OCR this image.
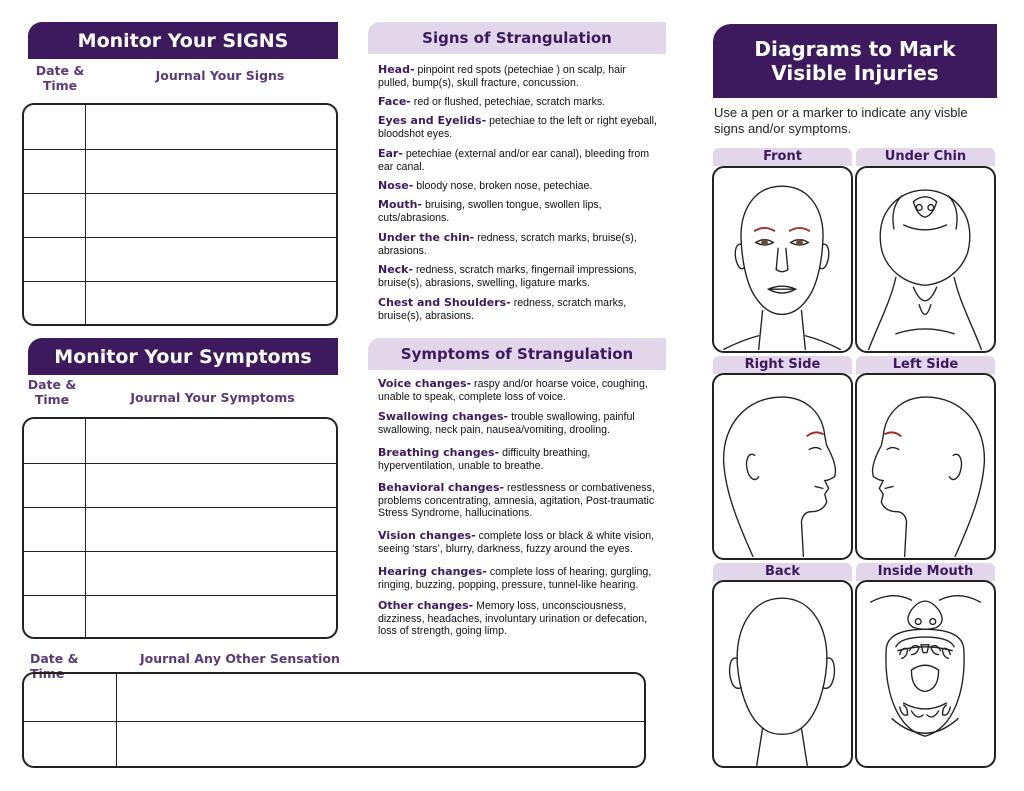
Monitor Your SIGNS
Date &
Time
Journal Your Signs
Monitor Your Symptoms
Date &
Time	Journal Your Symptoms
Date & Time
Journal Any Other Sensation
Signs of Strangulation
Head- pinpoint red spots (petechiae ) on scalp, hair pulled, bump(s), skull fracture, concussion.
Face- red or flushed, petechiae, scratch marks.
Eyes and Eyelids- petechiae to the left or right eyeball, bloodshot eyes.
Ear- petechiae (external and/or ear canal), bleeding from ear canal.
Nose- bloody nose, broken nose, petechiae.
Mouth- bruising, swollen tongue, swollen lips, cuts/abrasions.
Under the chin- redness, scratch marks, bruise(s), abrasions.
Neck- redness, scratch marks, fingernail impressions, bruise(s), abrasions, swelling, ligature marks.
Chest and Shoulders- redness, scratch marks, bruise(s), abrasions.
Symptoms of Strangulation
Voice changes- raspy and/or hoarse voice, coughing, unable to speak, complete loss of voice.
Swallowing changes- trouble swallowing, painful swallowing, neck pain, nausea/vomiting, drooling.
Breathing changes- difficulty breathing, hyperventilation, unable to breathe.
Behavioral changes- restlessness or combativeness, problems concentrating, amnesia, agitation, Post-traumatic Stress Syndrome, hallucinations.
Vision changes- complete loss or black & white vision, seeing ‘stars’, blurry, darkness, fuzzy around the eyes.
Hearing changes- complete loss of hearing, gurgling, ringing, buzzing, popping, pressure, tunnel-like hearing.
Other changes- Memory loss, unconsciousness, dizziness, headaches, involuntary urination or defecation, loss of strength, going limp.
Diagrams to Mark
Visible Injuries
Use a pen or a marker to indicate any visble signs and/or symptoms.
Front	Under Chin
Right Side	Left Side
Back	Inside Mouth
